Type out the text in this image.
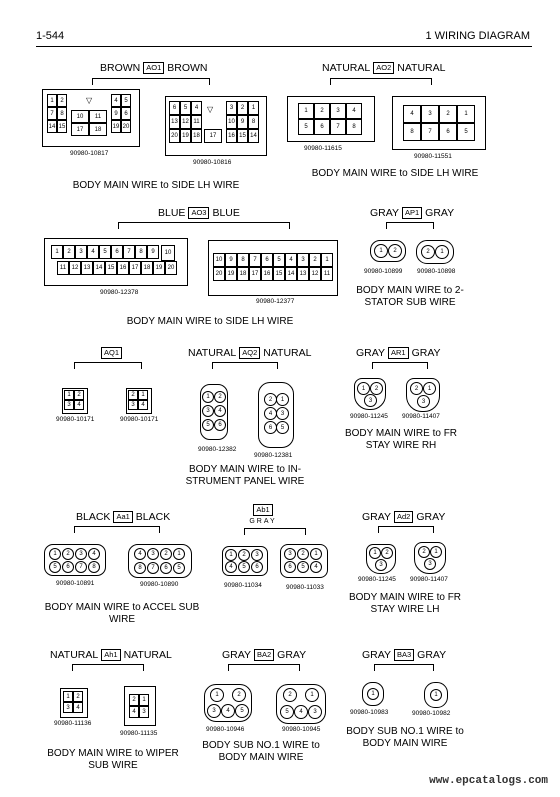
1-544	1 WIRING DIAGRAM
BROWN AO1 BROWN
1	2
7	8
14 15
4	5
9	6
19 20
10	11
17	18
▽
90980-10817
6	5	4
13 12 11
20 19 18
3	2	1
10 9	8
16 15 14
▽
17
90980-10816
BODY MAIN WIRE to SIDE LH WIRE
NATURAL AO2 NATURAL
1	2	3	4
5	6	7	8
90980-11615
4	3	2	1
8	7	6	5
90980-11551
BODY MAIN WIRE to SIDE LH WIRE
BLUE AO3 BLUE
1	2	3	4	5	6	7	8	9
11 12 13 14 15 16 17 18 19 20
10
90980-12378
10	9	8	7	6	5	4	3	2	1
20 19 18 17 16 15 14 13 12 11
90980-12377
BODY MAIN WIRE to SIDE LH WIRE
GRAY AP1 GRAY
1	2
90980-10899
2	1
90980-10898
BODY MAIN WIRE to 2-
STATOR SUB WIRE
AQ1
1	2
3	4
90980-10171
2	1
3	4
90980-10171
NATURAL AQ2 NATURAL
1	2
3	4
5	6
90980-12382
2	1
4	3
6	5
90980-12381
BODY MAIN WIRE to IN-
STRUMENT PANEL WIRE
GRAY AR1 GRAY
1	2
3
90980-11245
2	1
3
90980-11407
BODY MAIN WIRE to FR
STAY WIRE RH
BLACK Aa1 BLACK
1	2	3	4
5	6	7	8
90980-10891
4	3	2	1
8	7	6	5
90980-10890
BODY MAIN WIRE to ACCEL SUB
WIRE
Ab1
GRAY
1	2	3
4	5	6
90980-11034
3	2	1
6	5	4
90980-11033
GRAY Ad2 GRAY
1	2
3
90980-11245
2	1
3
90980-11407
BODY MAIN WIRE to FR
STAY WIRE LH
NATURAL Ah1 NATURAL
1	2
3	4
90980-11136
2	1
4	3
90980-11135
BODY MAIN WIRE to WIPER
SUB WIRE
GRAY BA2 GRAY
1	2
3	4	5
90980-10946
2	1
5	4	3
90980-10945
BODY SUB NO.1 WIRE to
BODY MAIN WIRE
GRAY BA3 GRAY
1
90980-10983
1
90980-10982
BODY SUB NO.1 WIRE to
BODY MAIN WIRE
www.epcatalogs.com
